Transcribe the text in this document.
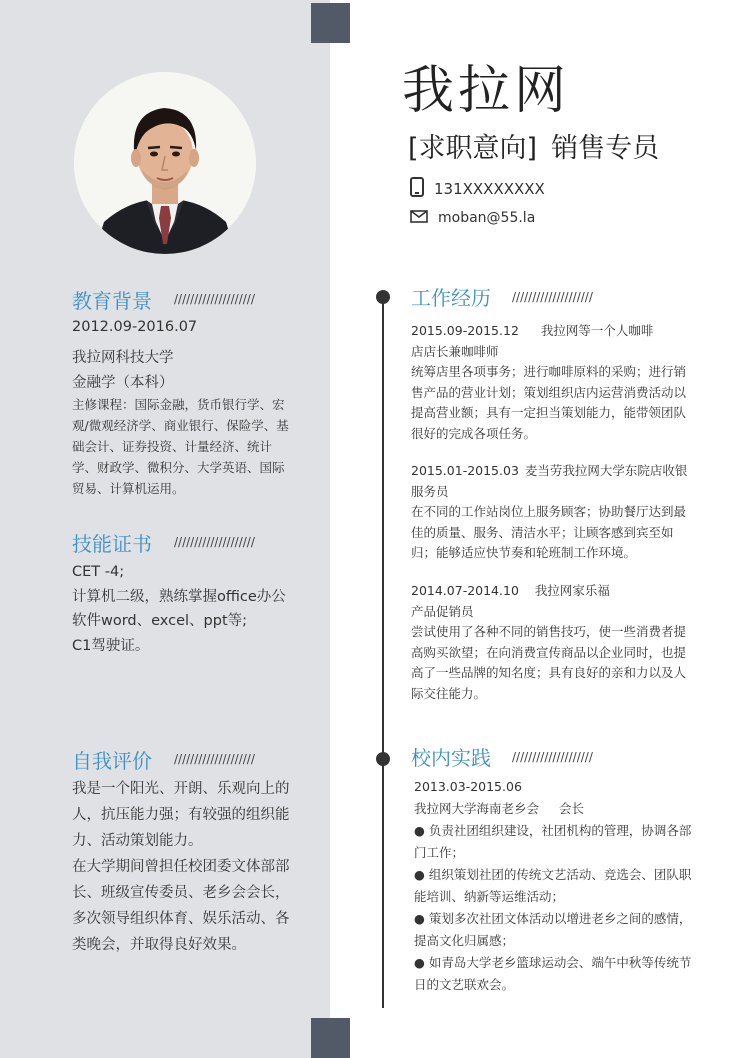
教育背景 ////////////////////
2012.09-2016.07
我拉网科技大学
金融学（本科）
主修课程：国际金融，货币银行学、宏观/微观经济学、商业银行、保险学、基础会计、证券投资、计量经济、统计学、财政学、微积分、大学英语、国际贸易、计算机运用。
技能证书 ////////////////////
CET -4;
计算机二级，熟练掌握office办公软件word、excel、ppt等;
C1驾驶证。
自我评价 ////////////////////
我是一个阳光、开朗、乐观向上的人，抗压能力强；有较强的组织能力、活动策划能力。
在大学期间曾担任校团委文体部部长、班级宣传委员、老乡会会长，多次领导组织体育、娱乐活动、各类晚会，并取得良好效果。
我拉网
[求职意向] 销售专员
131XXXXXXXX
moban@55.la
工作经历 ////////////////////
2015.09-2015.12 我拉网等一个人咖啡
店店长兼咖啡师
统筹店里各项事务；进行咖啡原料的采购；进行销售产品的营业计划；策划组织店内运营消费活动以提高营业额；具有一定担当策划能力，能带领团队很好的完成各项任务。
2015.01-2015.03 麦当劳我拉网大学东院店收银
服务员
在不同的工作站岗位上服务顾客；协助餐厅达到最佳的质量、服务、清洁水平；让顾客感到宾至如归；能够适应快节奏和轮班制工作环境。
2014.07-2014.10 我拉网家乐福
产品促销员
尝试使用了各种不同的销售技巧，使一些消费者提高购买欲望；在向消费宣传商品以企业同时，也提高了一些品牌的知名度；具有良好的亲和力以及人际交往能力。
校内实践 ////////////////////
2013.03-2015.06
我拉网大学海南老乡会 会长
● 负责社团组织建设，社团机构的管理，协调各部门工作；
● 组织策划社团的传统文艺活动、竞选会、团队职能培训、纳新等运维活动；
● 策划多次社团文体活动以增进老乡之间的感情，提高文化归属感；
● 如青岛大学老乡篮球运动会、端午中秋等传统节日的文艺联欢会。
